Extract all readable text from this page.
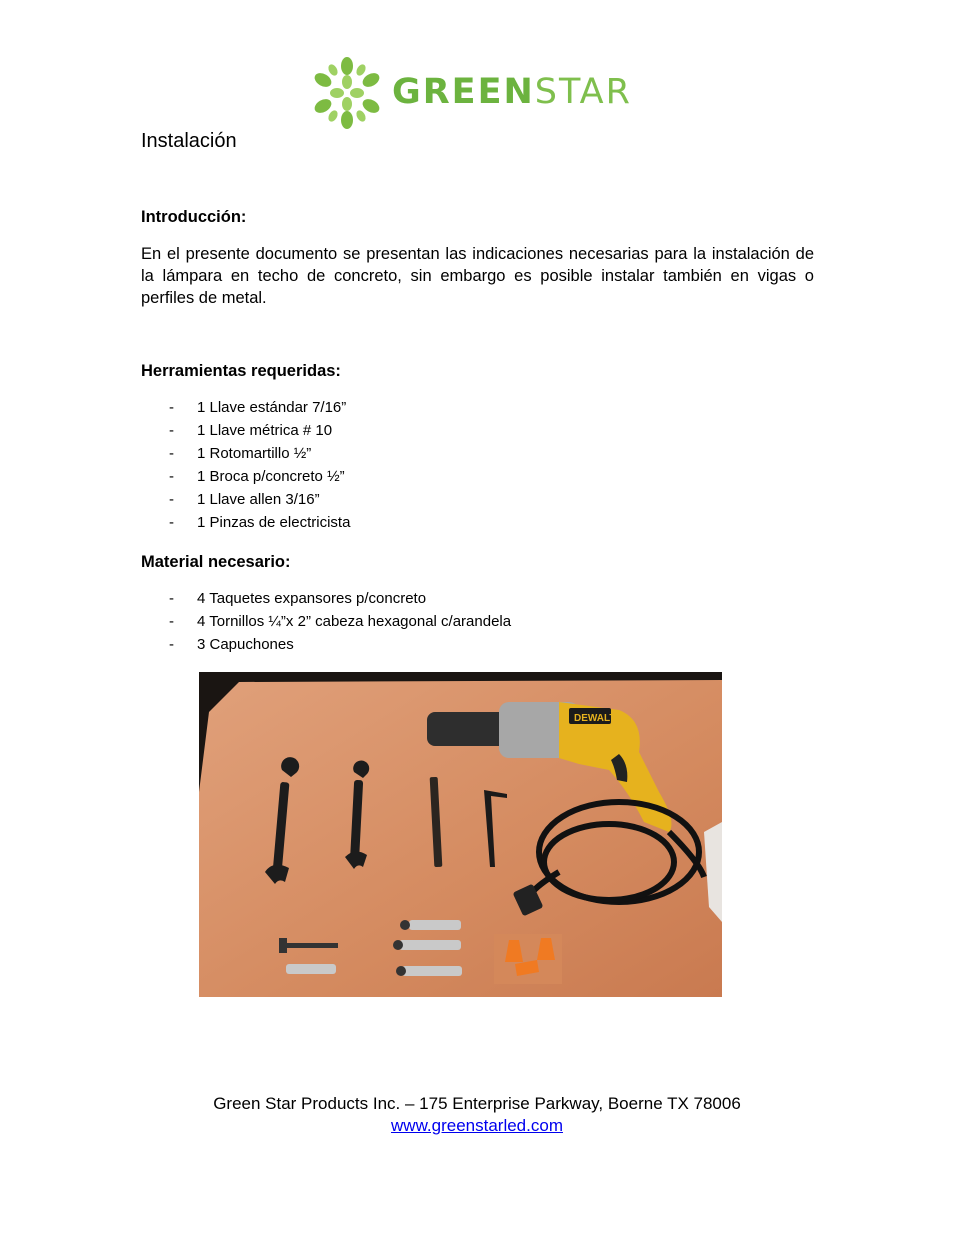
GREENSTAR
Instalación
Introducción:
En el presente documento se presentan las indicaciones necesarias para la instalación de la lámpara en techo de concreto, sin embargo es posible instalar también en vigas o perfiles de metal.
Herramientas requeridas:
- 1 Llave estándar 7/16”
- 1 Llave métrica # 10
- 1 Rotomartillo ½”
- 1 Broca p/concreto ½”
- 1 Llave allen 3/16”
- 1 Pinzas de electricista
Material necesario:
- 4 Taquetes expansores p/concreto
- 4 Tornillos ¼”x 2” cabeza hexagonal c/arandela
- 3 Capuchones
DEWALT
Green Star Products Inc. – 175 Enterprise Parkway, Boerne TX 78006
www.greenstarled.com
